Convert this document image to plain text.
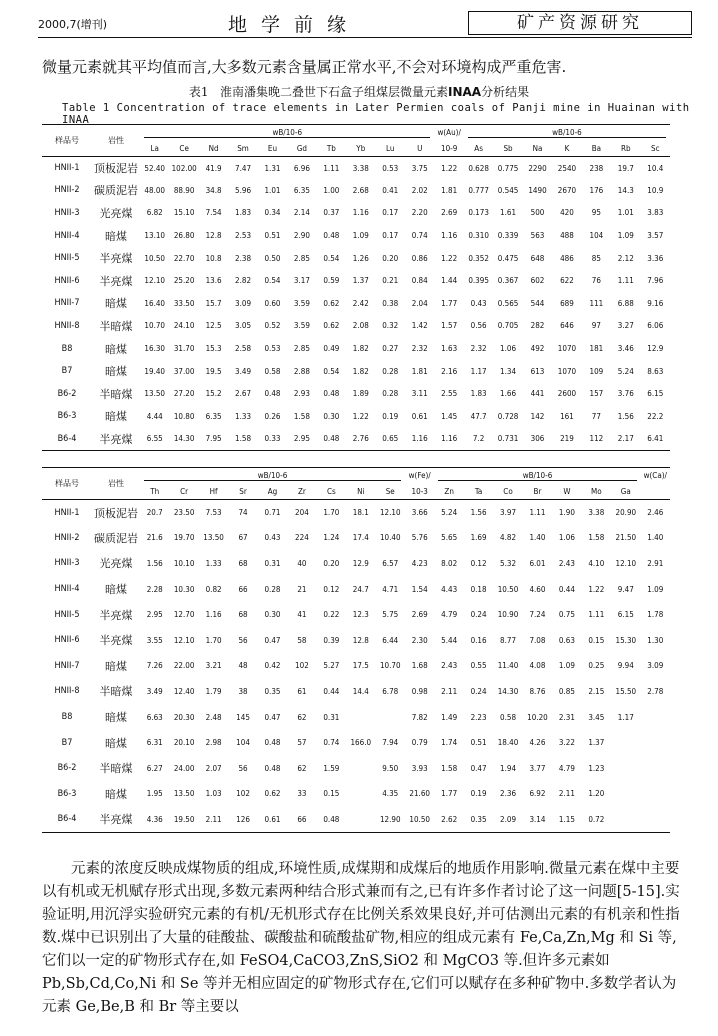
2000,7(增刊)	地学前缘	矿产资源研究
微量元素就其平均值而言,大多数元素含量属正常水平,不会对环境构成严重危害.
表1 淮南潘集晚二叠世下石盒子组煤层微量元素INAA分析结果
Table 1 Concentration of trace elements in Later Permien coals of Panji mine in Huainan with INAA
样品号	岩性	wB/10-6										w(Au)/	wB/10-6						

		La	Ce	Nd	Sm	Eu	Gd	Tb	Yb	Lu	U	10-9	As	Sb	Na	K	Ba	Rb	Sc
HNII-1	顶板泥岩	52.40	102.00	41.9	7.47	1.31	6.96	1.11	3.38	0.53	3.75	1.22	0.628	0.775	2290	2540	238	19.7	10.4
HNII-2	碳质泥岩	48.00	88.90	34.8	5.96	1.01	6.35	1.00	2.68	0.41	2.02	1.81	0.777	0.545	1490	2670	176	14.3	10.9
HNII-3	光亮煤	6.82	15.10	7.54	1.83	0.34	2.14	0.37	1.16	0.17	2.20	2.69	0.173	1.61	500	420	95	1.01	3.83
HNII-4	暗煤	13.10	26.80	12.8	2.53	0.51	2.90	0.48	1.09	0.17	0.74	1.16	0.310	0.339	563	488	104	1.09	3.57
HNII-5	半亮煤	10.50	22.70	10.8	2.38	0.50	2.85	0.54	1.26	0.20	0.86	1.22	0.352	0.475	648	486	85	2.12	3.36
HNII-6	半亮煤	12.10	25.20	13.6	2.82	0.54	3.17	0.59	1.37	0.21	0.84	1.44	0.395	0.367	602	622	76	1.11	7.96
HNII-7	暗煤	16.40	33.50	15.7	3.09	0.60	3.59	0.62	2.42	0.38	2.04	1.77	0.43	0.565	544	689	111	6.88	9.16
HNII-8	半暗煤	10.70	24.10	12.5	3.05	0.52	3.59	0.62	2.08	0.32	1.42	1.57	0.56	0.705	282	646	97	3.27	6.06
B8	暗煤	16.30	31.70	15.3	2.58	0.53	2.85	0.49	1.82	0.27	2.32	1.63	2.32	1.06	492	1070	181	3.46	12.9
B7	暗煤	19.40	37.00	19.5	3.49	0.58	2.88	0.54	1.82	0.28	1.81	2.16	1.17	1.34	613	1070	109	5.24	8.63
B6-2	半暗煤	13.50	27.20	15.2	2.67	0.48	2.93	0.48	1.89	0.28	3.11	2.55	1.83	1.66	441	2600	157	3.76	6.15
B6-3	暗煤	4.44	10.80	6.35	1.33	0.26	1.58	0.30	1.22	0.19	0.61	1.45	47.7	0.728	142	161	77	1.56	22.2
B6-4	半亮煤	6.55	14.30	7.95	1.58	0.33	2.95	0.48	2.76	0.65	1.16	1.16	7.2	0.731	306	219	112	2.17	6.41
样品号	岩性	wB/10-6									w(Fe)/	wB/10-6							w(Ca)/
		Th	Cr	Hf	Sr	Ag	Zr	Cs	Ni	Se	10-3	Zn	Ta	Co	Br	W	Mo	Ga	
HNII-1	顶板泥岩	20.7	23.50	7.53	74	0.71	204	1.70	18.1	12.10	3.66	5.24	1.56	3.97	1.11	1.90	3.38	20.90	2.46
HNII-2	碳质泥岩	21.6	19.70	13.50	67	0.43	224	1.24	17.4	10.40	5.76	5.65	1.69	4.82	1.40	1.06	1.58	21.50	1.40
HNII-3	光亮煤	1.56	10.10	1.33	68	0.31	40	0.20	12.9	6.57	4.23	8.02	0.12	5.32	6.01	2.43	4.10	12.10	2.91
HNII-4	暗煤	2.28	10.30	0.82	66	0.28	21	0.12	24.7	4.71	1.54	4.43	0.18	10.50	4.60	0.44	1.22	9.47	1.09
HNII-5	半亮煤	2.95	12.70	1.16	68	0.30	41	0.22	12.3	5.75	2.69	4.79	0.24	10.90	7.24	0.75	1.11	6.15	1.78
HNII-6	半亮煤	3.55	12.10	1.70	56	0.47	58	0.39	12.8	6.44	2.30	5.44	0.16	8.77	7.08	0.63	0.15	15.30	1.30
HNII-7	暗煤	7.26	22.00	3.21	48	0.42	102	5.27	17.5	10.70	1.68	2.43	0.55	11.40	4.08	1.09	0.25	9.94	3.09
HNII-8	半暗煤	3.49	12.40	1.79	38	0.35	61	0.44	14.4	6.78	0.98	2.11	0.24	14.30	8.76	0.85	2.15	15.50	2.78
B8	暗煤	6.63	20.30	2.48	145	0.47	62	0.31			7.82	1.49	2.23	0.58	10.20	2.31	3.45	1.17	
B7	暗煤	6.31	20.10	2.98	104	0.48	57	0.74	166.0	7.94	0.79	1.74	0.51	18.40	4.26	3.22	1.37		
B6-2	半暗煤	6.27	24.00	2.07	56	0.48	62	1.59		9.50	3.93	1.58	0.47	1.94	3.77	4.79	1.23		
B6-3	暗煤	1.95	13.50	1.03	102	0.62	33	0.15		4.35	21.60	1.77	0.19	2.36	6.92	2.11	1.20		
B6-4	半亮煤	4.36	19.50	2.11	126	0.61	66	0.48		12.90	10.50	2.62	0.35	2.09	3.14	1.15	0.72		

元素的浓度反映成煤物质的组成,环境性质,成煤期和成煤后的地质作用影响.微量元素在煤中主要以有机或无机赋存形式出现,多数元素两种结合形式兼而有之,已有许多作者讨论了这一问题[5-15].实验证明,用沉浮实验研究元素的有机/无机形式存在比例关系效果良好,并可估测出元素的有机亲和性指数.煤中已识别出了大量的硅酸盐、碳酸盐和硫酸盐矿物,相应的组成元素有 Fe,Ca,Zn,Mg 和 Si 等,它们以一定的矿物形式存在,如 FeSO4,CaCO3,ZnS,SiO2 和 MgCO3 等.但许多元素如 Pb,Sb,Cd,Co,Ni 和 Se 等并无相应固定的矿物形式存在,它们可以赋存在多种矿物中.多数学者认为元素 Ge,Be,B 和 Br 等主要以
